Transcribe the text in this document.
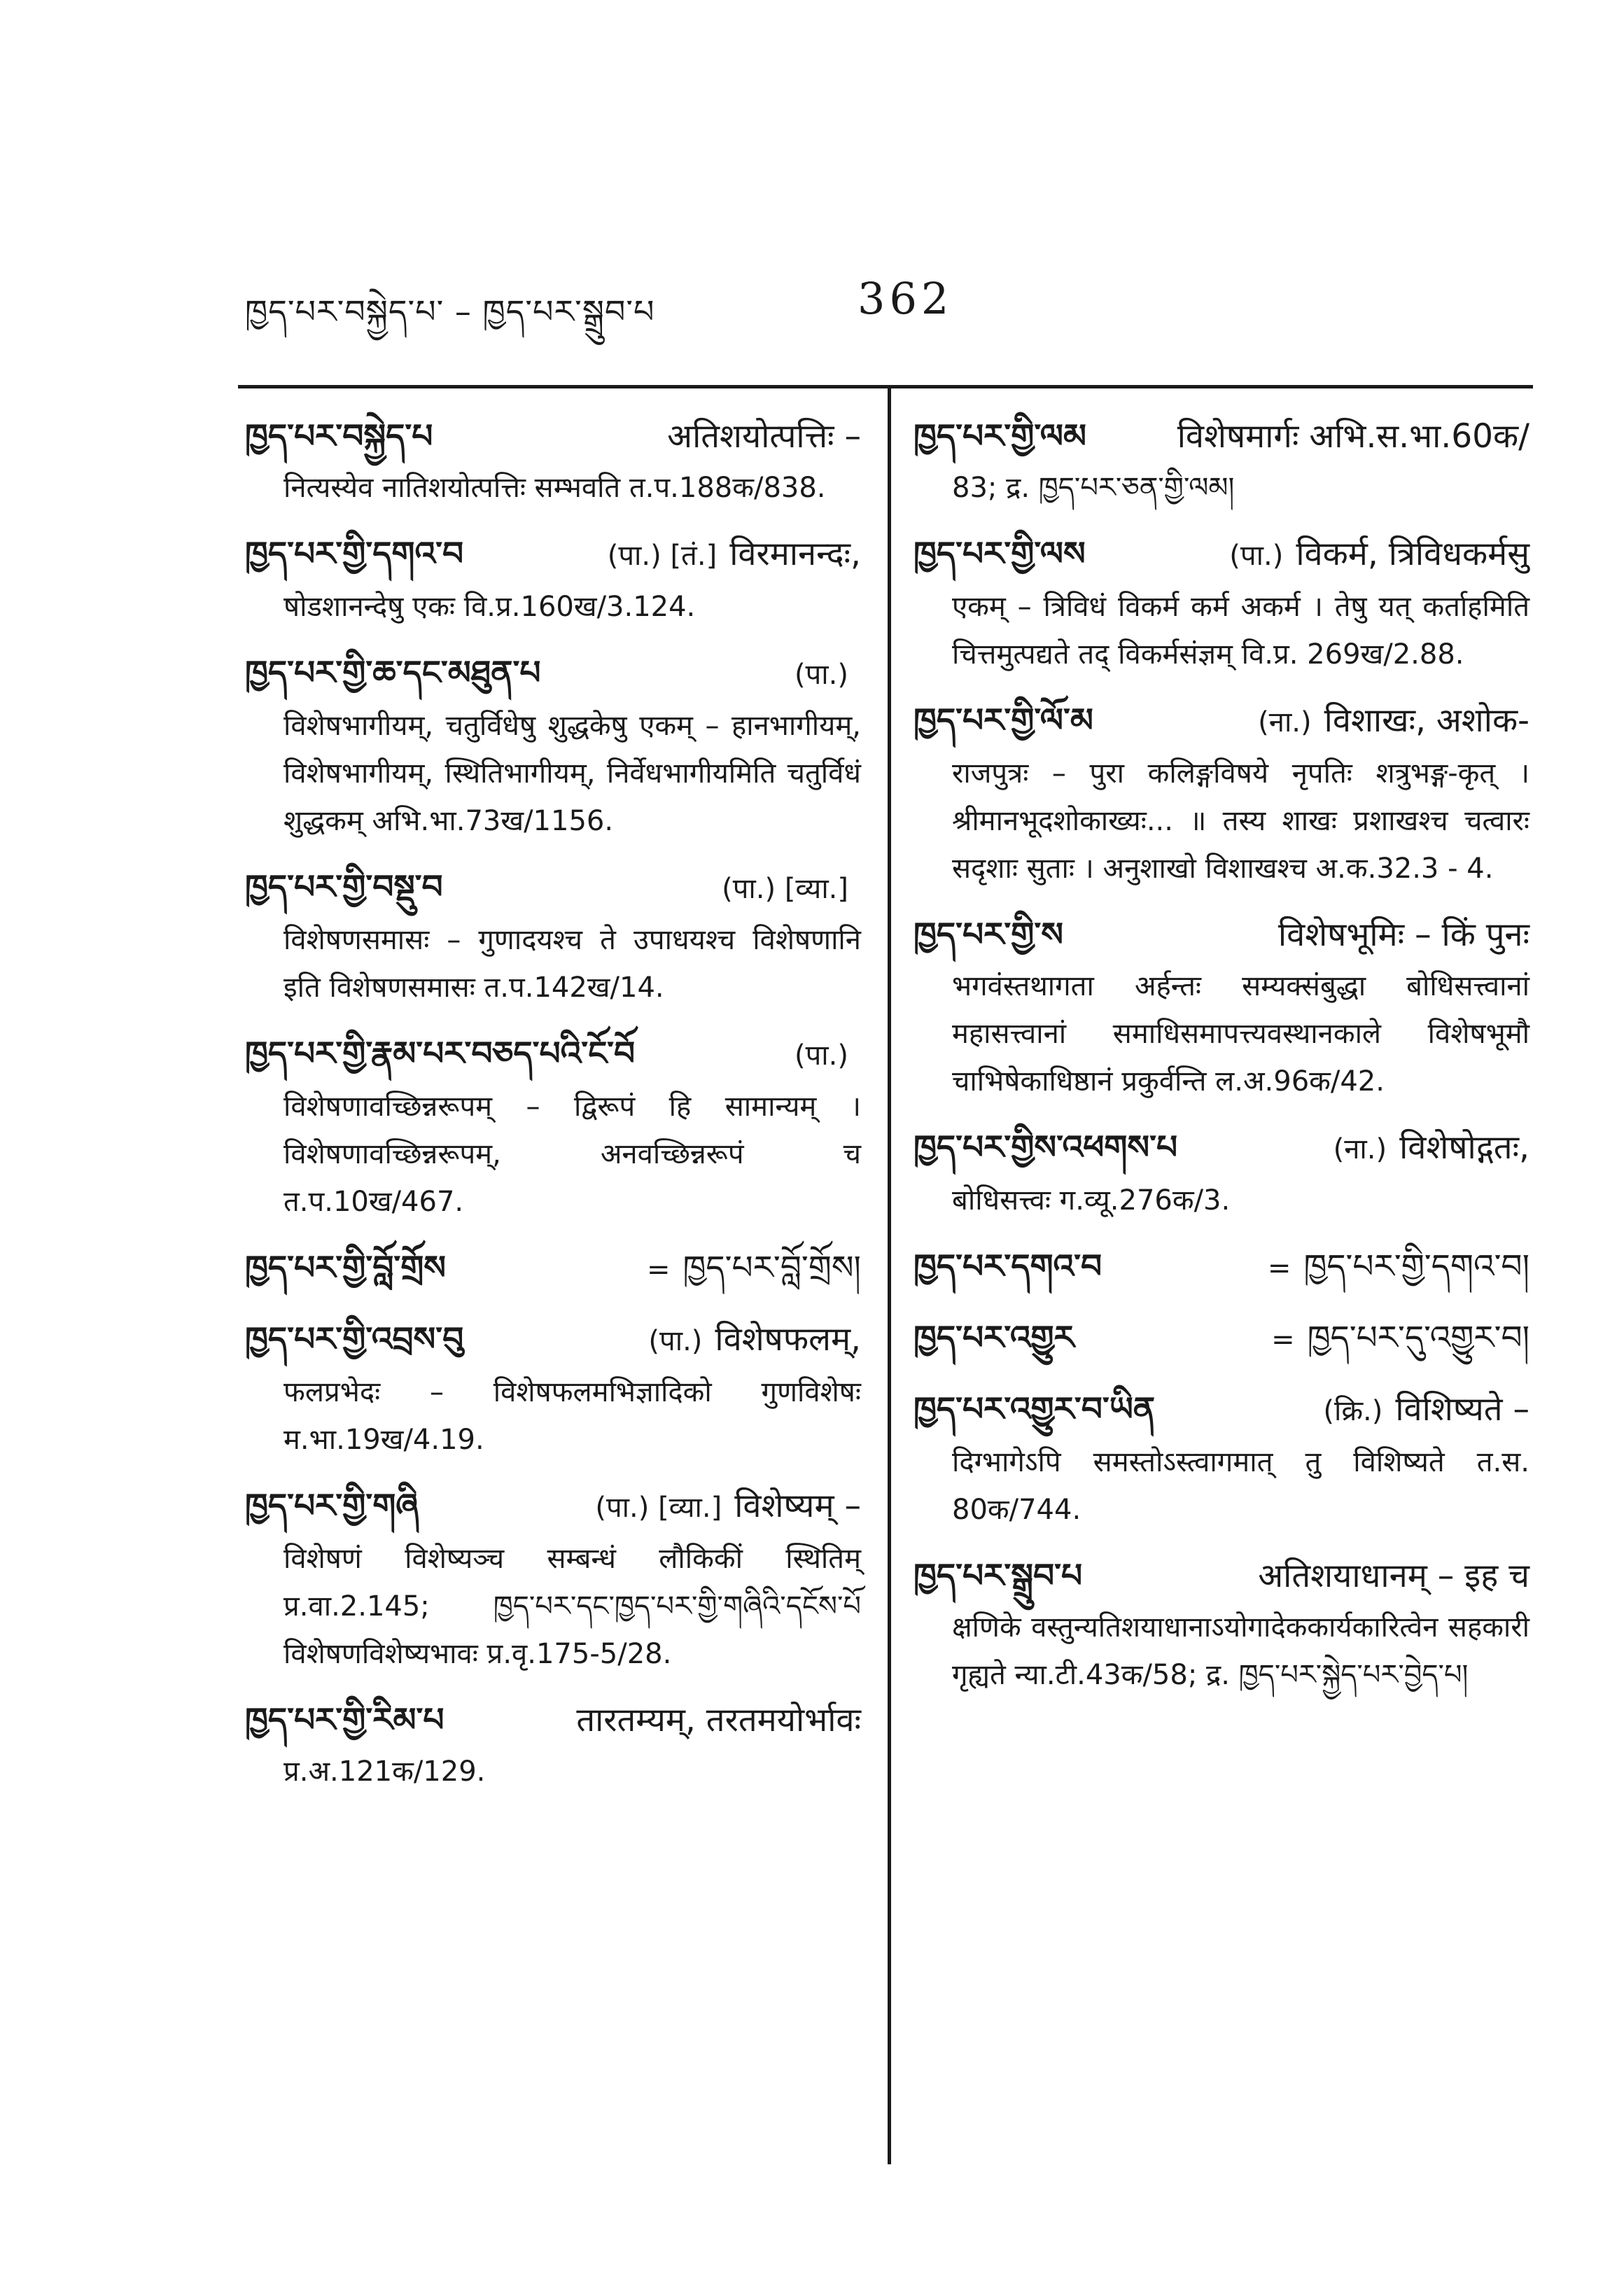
ཁྱད་པར་བསྐྱེད་པ་ – ཁྱད་པར་སྒྲུབ་པ	362
ཁྱད་པར་བསྐྱེད་པ	अतिशयोत्पत्तिः –
नित्यस्येव नातिशयोत्पत्तिः सम्भवति त.प.188क/838.
ཁྱད་པར་གྱི་དགའ་བ	(पा.) [तं.] विरमानन्दः,
षोडशानन्देषु एकः वि.प्र.160ख/3.124.
ཁྱད་པར་གྱི་ཆ་དང་མཐུན་པ	(पा.)
विशेषभागीयम्, चतुर्विधेषु शुद्धकेषु एकम् – हानभागीयम्, विशेषभागीयम्, स्थितिभागीयम्, निर्वेधभागीयमिति चतुर्विधं शुद्धकम् अभि.भा.73ख/1156.
ཁྱད་པར་གྱི་བསྡུ་བ	(पा.) [व्या.]
विशेषणसमासः – गुणादयश्च ते उपाधयश्च विशेषणानि इति विशेषणसमासः त.प.142ख/14.
ཁྱད་པར་གྱི་རྣམ་པར་བཅད་པའི་ངོ་བོ	(पा.)
विशेषणावच्छिन्नरूपम् – द्विरूपं हि सामान्यम् । विशेषणावच्छिन्नरूपम्, अनवच्छिन्नरूपं च त.प.10ख/467.
ཁྱད་པར་གྱི་བློ་གྲོས	= ཁྱད་པར་བློ་གྲོས།
ཁྱད་པར་གྱི་འབྲས་བུ	(पा.) विशेषफलम्,
फलप्रभेदः – विशेषफलमभिज्ञादिको गुणविशेषः म.भा.19ख/4.19.
ཁྱད་པར་གྱི་གཞི	(पा.) [व्या.] विशेष्यम् –
विशेषणं विशेष्यञ्च सम्बन्धं लौकिकीं स्थितिम् प्र.वा.2.145; ཁྱད་པར་དང་ཁྱད་པར་གྱི་གཞིའི་དངོས་པོ विशेषणविशेष्यभावः प्र.वृ.175-5/28.
ཁྱད་པར་གྱི་རིམ་པ	तारतम्यम्, तरतमयोर्भावः
प्र.अ.121क/129.
ཁྱད་པར་གྱི་ལམ	विशेषमार्गः अभि.स.भा.60क/
83; द्र. ཁྱད་པར་ཅན་གྱི་ལམ།
ཁྱད་པར་གྱི་ལས	(पा.) विकर्म, त्रिविधकर्मसु
एकम् – त्रिविधं विकर्म कर्म अकर्म । तेषु यत् कर्ताहमिति चित्तमुत्पद्यते तद् विकर्मसंज्ञम् वि.प्र. 269ख/2.88.
ཁྱད་པར་གྱི་ལོ་མ	(ना.) विशाखः, अशोक-
राजपुत्रः – पुरा कलिङ्गविषये नृपतिः शत्रुभङ्ग-कृत् । श्रीमानभूदशोकाख्यः... ॥ तस्य शाखः प्रशाखश्च चत्वारः सदृशाः सुताः । अनुशाखो विशाखश्च अ.क.32.3 - 4.
ཁྱད་པར་གྱི་ས	विशेषभूमिः – किं पुनः
भगवंस्तथागता अर्हन्तः सम्यक्संबुद्धा बोधिसत्त्वानां महासत्त्वानां समाधिसमापत्त्यवस्थानकाले विशेषभूमौ चाभिषेकाधिष्ठानं प्रकुर्वन्ति ल.अ.96क/42.
ཁྱད་པར་གྱིས་འཕགས་པ	(ना.) विशेषोद्गतः,
बोधिसत्त्वः ग.व्यू.276क/3.
ཁྱད་པར་དགའ་བ	= ཁྱད་པར་གྱི་དགའ་བ།
ཁྱད་པར་འགྱུར	= ཁྱད་པར་དུ་འགྱུར་བ།
ཁྱད་པར་འགྱུར་བ་ཡིན	(क्रि.) विशिष्यते –
दिग्भागेऽपि समस्तोऽस्त्वागमात् तु विशिष्यते त.स. 80क/744.
ཁྱད་པར་སྒྲུབ་པ	अतिशयाधानम् – इह च
क्षणिके वस्तुन्यतिशयाधानाऽयोगादेककार्यकारित्वेन सहकारी गृह्यते न्या.टी.43क/58; द्र. ཁྱད་པར་སྐྱེད་པར་བྱེད་པ།
